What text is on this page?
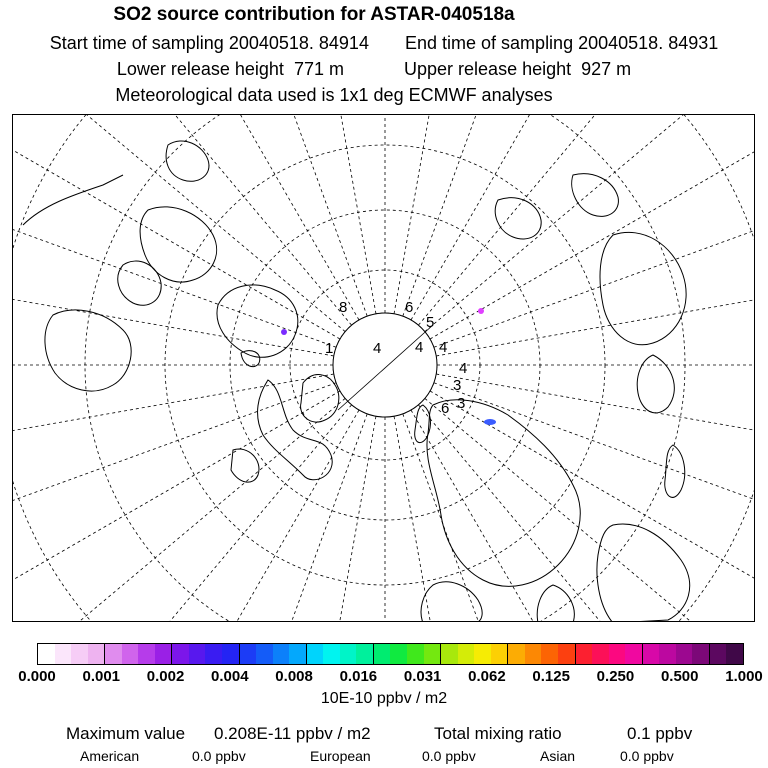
SO2 source contribution for ASTAR-040518a
Start time of sampling 20040518. 84914 End time of sampling 20040518. 84931
Lower release height 771 m	Upper release height 927 m
Meteorological data used is 1x1 deg ECMWF analyses
8	6
5
4 4
4
3
1	4
3
6
0.000 0.001 0.002 0.004 0.008 0.016 0.031 0.062 0.125 0.250 0.500 1.000
10E-10 ppbv / m2
Maximum value 0.208E-11 ppbv / m2	Total mixing ratio	0.1 ppbv
American	0.0 ppbv	European	0.0 ppbv	Asian	0.0 ppbv
